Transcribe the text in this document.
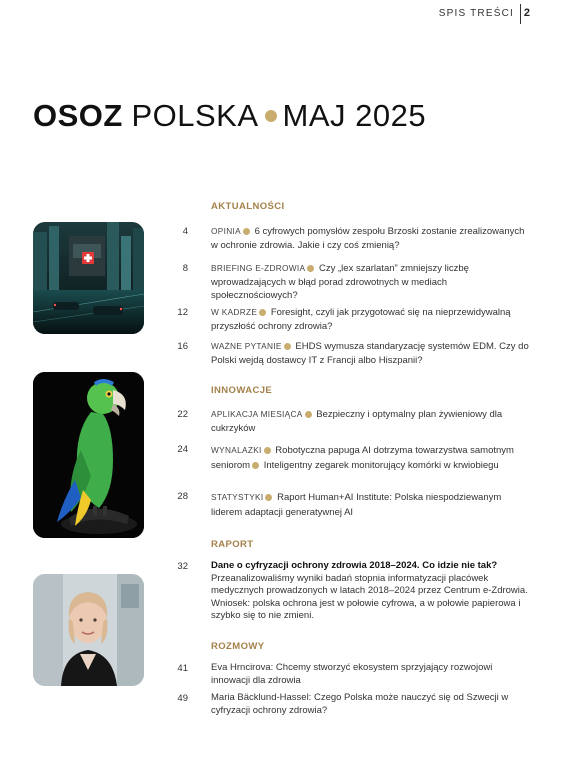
SPIS TREŚCI 2
OSOZ POLSKA MAJ 2025
AKTUALNOŚCI
4	OPINIA 6 cyfrowych pomysłów zespołu Brzoski zostanie zrealizowanych w ochronie zdrowia. Jakie i czy coś zmienią?
8	BRIEFING E-ZDROWIA Czy „lex szarlatan” zmniejszy liczbę wprowadzających w błąd porad zdrowotnych w mediach społecznościowych?
12	W KADRZE Foresight, czyli jak przygotować się na nieprzewidywalną przyszłość ochrony zdrowia?
16	WAŻNE PYTANIE EHDS wymusza standaryzację systemów EDM. Czy do Polski wejdą dostawcy IT z Francji albo Hiszpanii?
INNOWACJE
22	APLIKACJA MIESIĄCA Bezpieczny i optymalny plan żywieniowy dla cukrzyków
24	WYNALAZKI Robotyczna papuga AI dotrzyma towarzystwa samotnym seniorom Inteligentny zegarek monitorujący komórki w krwiobiegu
28	STATYSTYKI Raport Human+AI Institute: Polska niespodziewanym liderem adaptacji generatywnej AI
RAPORT
32 Dane o cyfryzacji ochrony zdrowia 2018–2024. Co idzie nie tak?
Przeanalizowaliśmy wyniki badań stopnia informatyzacji placówek medycznych prowadzonych w latach 2018–2024 przez Centrum e-Zdrowia. Wniosek: polska ochrona jest w połowie cyfrowa, a w połowie papierowa i szybko się to nie zmieni.
ROZMOWY
41 Eva Hrncirova: Chcemy stworzyć ekosystem sprzyjający rozwojowi innowacji dla zdrowia
49 Maria Bäcklund-Hassel: Czego Polska może nauczyć się od Szwecji w cyfryzacji ochrony zdrowia?
